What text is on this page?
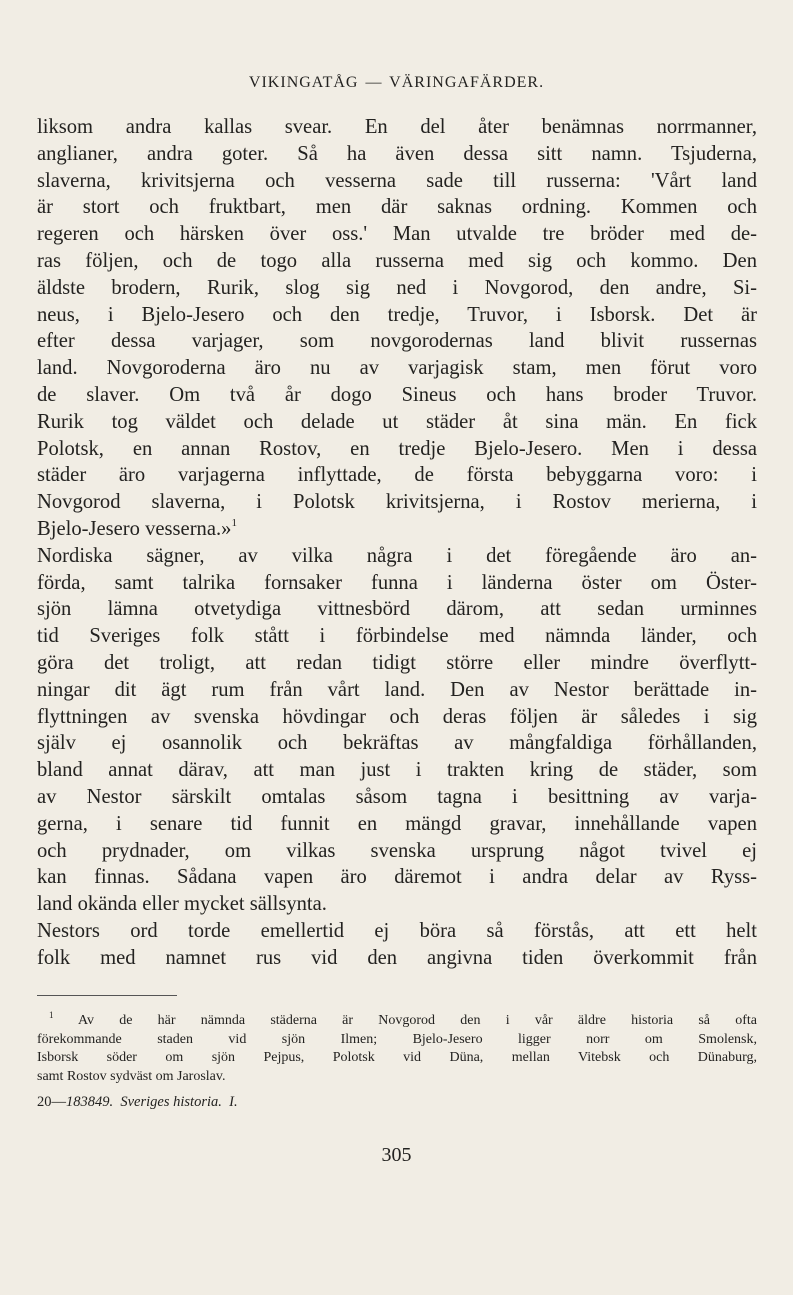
VIKINGATÅG — VÄRINGAFÄRDER.
liksom andra kallas svear. En del åter benämnas norrmanner,
anglianer, andra goter. Så ha även dessa sitt namn. Tsjuderna,
slaverna, krivitsjerna och vesserna sade till russerna: 'Vårt land
är stort och fruktbart, men där saknas ordning. Kommen och
regeren och härsken över oss.' Man utvalde tre bröder med de-
ras följen, och de togo alla russerna med sig och kommo. Den
äldste brodern, Rurik, slog sig ned i Novgorod, den andre, Si-
neus, i Bjelo-Jesero och den tredje, Truvor, i Isborsk. Det är
efter dessa varjager, som novgorodernas land blivit russernas
land. Novgoroderna äro nu av varjagisk stam, men förut voro
de slaver. Om två år dogo Sineus och hans broder Truvor.
Rurik tog väldet och delade ut städer åt sina män. En fick
Polotsk, en annan Rostov, en tredje Bjelo-Jesero. Men i dessa
städer äro varjagerna inflyttade, de första bebyggarna voro: i
Novgorod slaverna, i Polotsk krivitsjerna, i Rostov merierna, i
Bjelo-Jesero vesserna.»$^1$
Nordiska sägner, av vilka några i det föregående äro an-
förda, samt talrika fornsaker funna i länderna öster om Öster-
sjön lämna otvetydiga vittnesbörd därom, att sedan urminnes
tid Sveriges folk stått i förbindelse med nämnda länder, och
göra det troligt, att redan tidigt större eller mindre överflytt-
ningar dit ägt rum från vårt land. Den av Nestor berättade in-
flyttningen av svenska hövdingar och deras följen är således i sig
själv ej osannolik och bekräftas av mångfaldiga förhållanden,
bland annat därav, att man just i trakten kring de städer, som
av Nestor särskilt omtalas såsom tagna i besittning av varja-
gerna, i senare tid funnit en mängd gravar, innehållande vapen
och prydnader, om vilkas svenska ursprung något tvivel ej
kan finnas. Sådana vapen äro däremot i andra delar av Ryss-
land okända eller mycket sällsynta.
Nestors ord torde emellertid ej böra så förstås, att ett helt
folk med namnet rus vid den angivna tiden överkommit från
$^1$ Av de här nämnda städerna är Novgorod den i vår äldre historia så ofta
förekommande staden vid sjön Ilmen; Bjelo-Jesero ligger norr om Smolensk,
Isborsk söder om sjön Pejpus, Polotsk vid Düna, mellan Vitebsk och Dünaburg,
samt Rostov sydväst om Jaroslav.
20—183849. Sveriges historia. I.
305
